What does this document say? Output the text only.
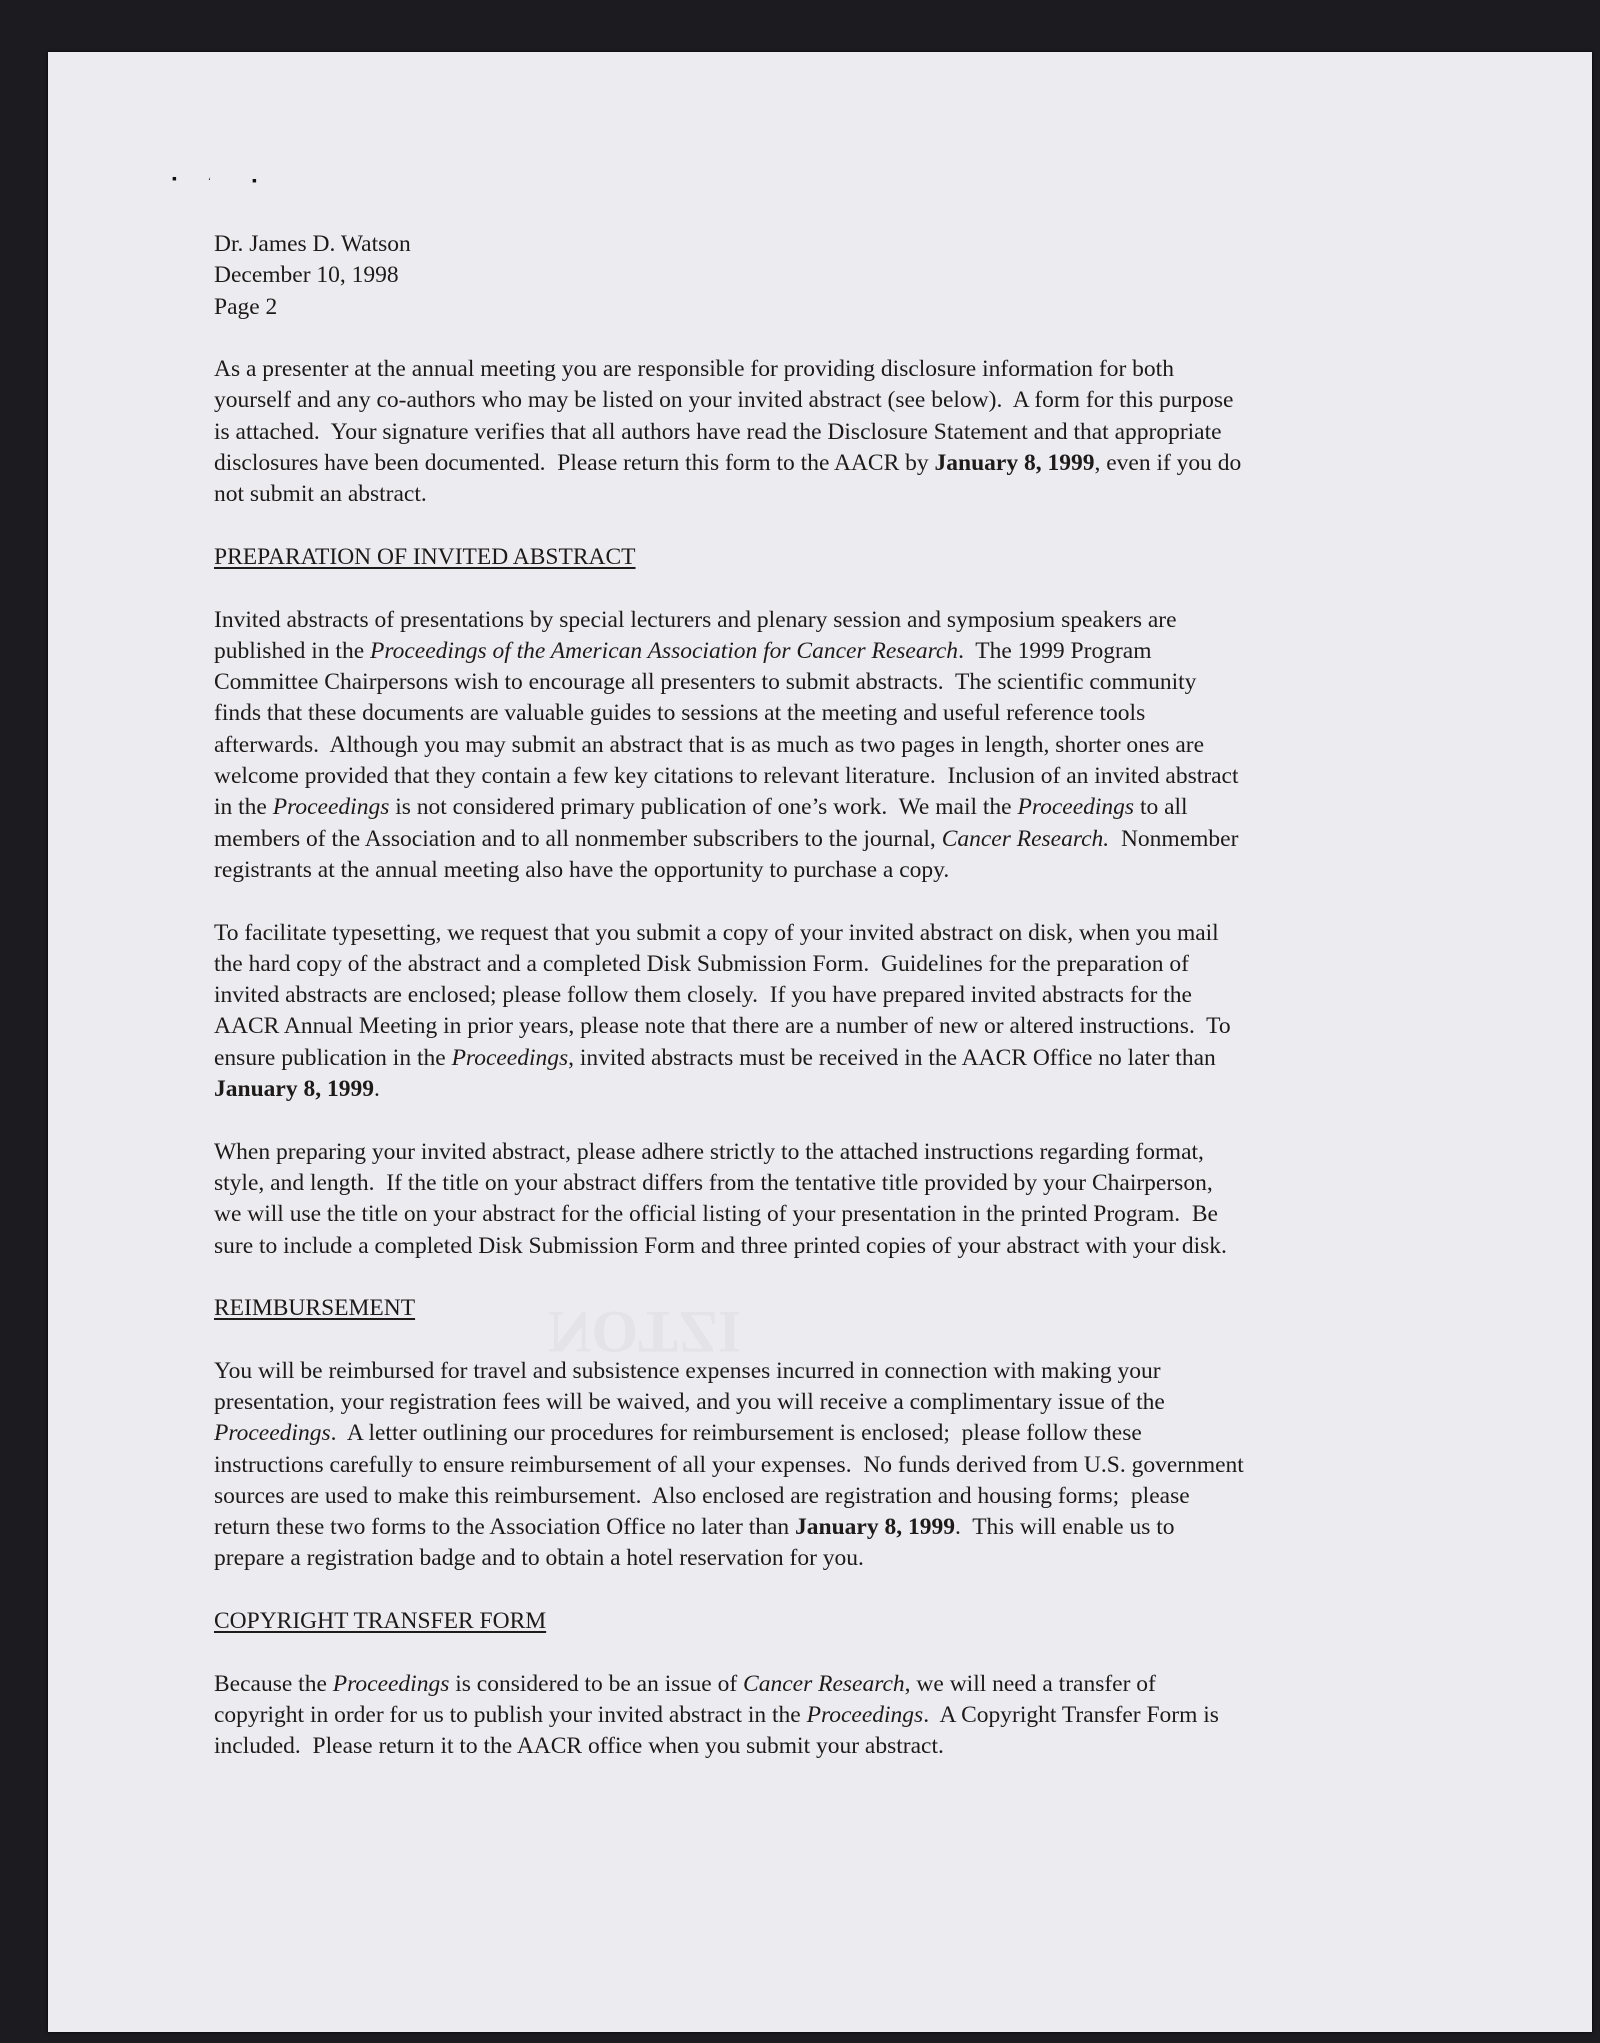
▪	ʻ	▪
NOTZI
Dr. James D. Watson
December 10, 1998
Page 2
As a presenter at the annual meeting you are responsible for providing disclosure information for both
yourself and any co-authors who may be listed on your invited abstract (see below).  A form for this purpose
is attached.  Your signature verifies that all authors have read the Disclosure Statement and that appropriate
disclosures have been documented.  Please return this form to the AACR by January 8, 1999, even if you do
not submit an abstract.
PREPARATION OF INVITED ABSTRACT
Invited abstracts of presentations by special lecturers and plenary session and symposium speakers are
published in the Proceedings of the American Association for Cancer Research.  The 1999 Program
Committee Chairpersons wish to encourage all presenters to submit abstracts.  The scientific community
finds that these documents are valuable guides to sessions at the meeting and useful reference tools
afterwards.  Although you may submit an abstract that is as much as two pages in length, shorter ones are
welcome provided that they contain a few key citations to relevant literature.  Inclusion of an invited abstract
in the Proceedings is not considered primary publication of one’s work.  We mail the Proceedings to all
members of the Association and to all nonmember subscribers to the journal, Cancer Research.  Nonmember
registrants at the annual meeting also have the opportunity to purchase a copy.
To facilitate typesetting, we request that you submit a copy of your invited abstract on disk, when you mail
the hard copy of the abstract and a completed Disk Submission Form.  Guidelines for the preparation of
invited abstracts are enclosed; please follow them closely.  If you have prepared invited abstracts for the
AACR Annual Meeting in prior years, please note that there are a number of new or altered instructions.  To
ensure publication in the Proceedings, invited abstracts must be received in the AACR Office no later than
January 8, 1999.
When preparing your invited abstract, please adhere strictly to the attached instructions regarding format,
style, and length.  If the title on your abstract differs from the tentative title provided by your Chairperson,
we will use the title on your abstract for the official listing of your presentation in the printed Program.  Be
sure to include a completed Disk Submission Form and three printed copies of your abstract with your disk.
REIMBURSEMENT
You will be reimbursed for travel and subsistence expenses incurred in connection with making your
presentation, your registration fees will be waived, and you will receive a complimentary issue of the
Proceedings.  A letter outlining our procedures for reimbursement is enclosed;  please follow these
instructions carefully to ensure reimbursement of all your expenses.  No funds derived from U.S. government
sources are used to make this reimbursement.  Also enclosed are registration and housing forms;  please
return these two forms to the Association Office no later than January 8, 1999.  This will enable us to
prepare a registration badge and to obtain a hotel reservation for you.
COPYRIGHT TRANSFER FORM
Because the Proceedings is considered to be an issue of Cancer Research, we will need a transfer of
copyright in order for us to publish your invited abstract in the Proceedings.  A Copyright Transfer Form is
included.  Please return it to the AACR office when you submit your abstract.
